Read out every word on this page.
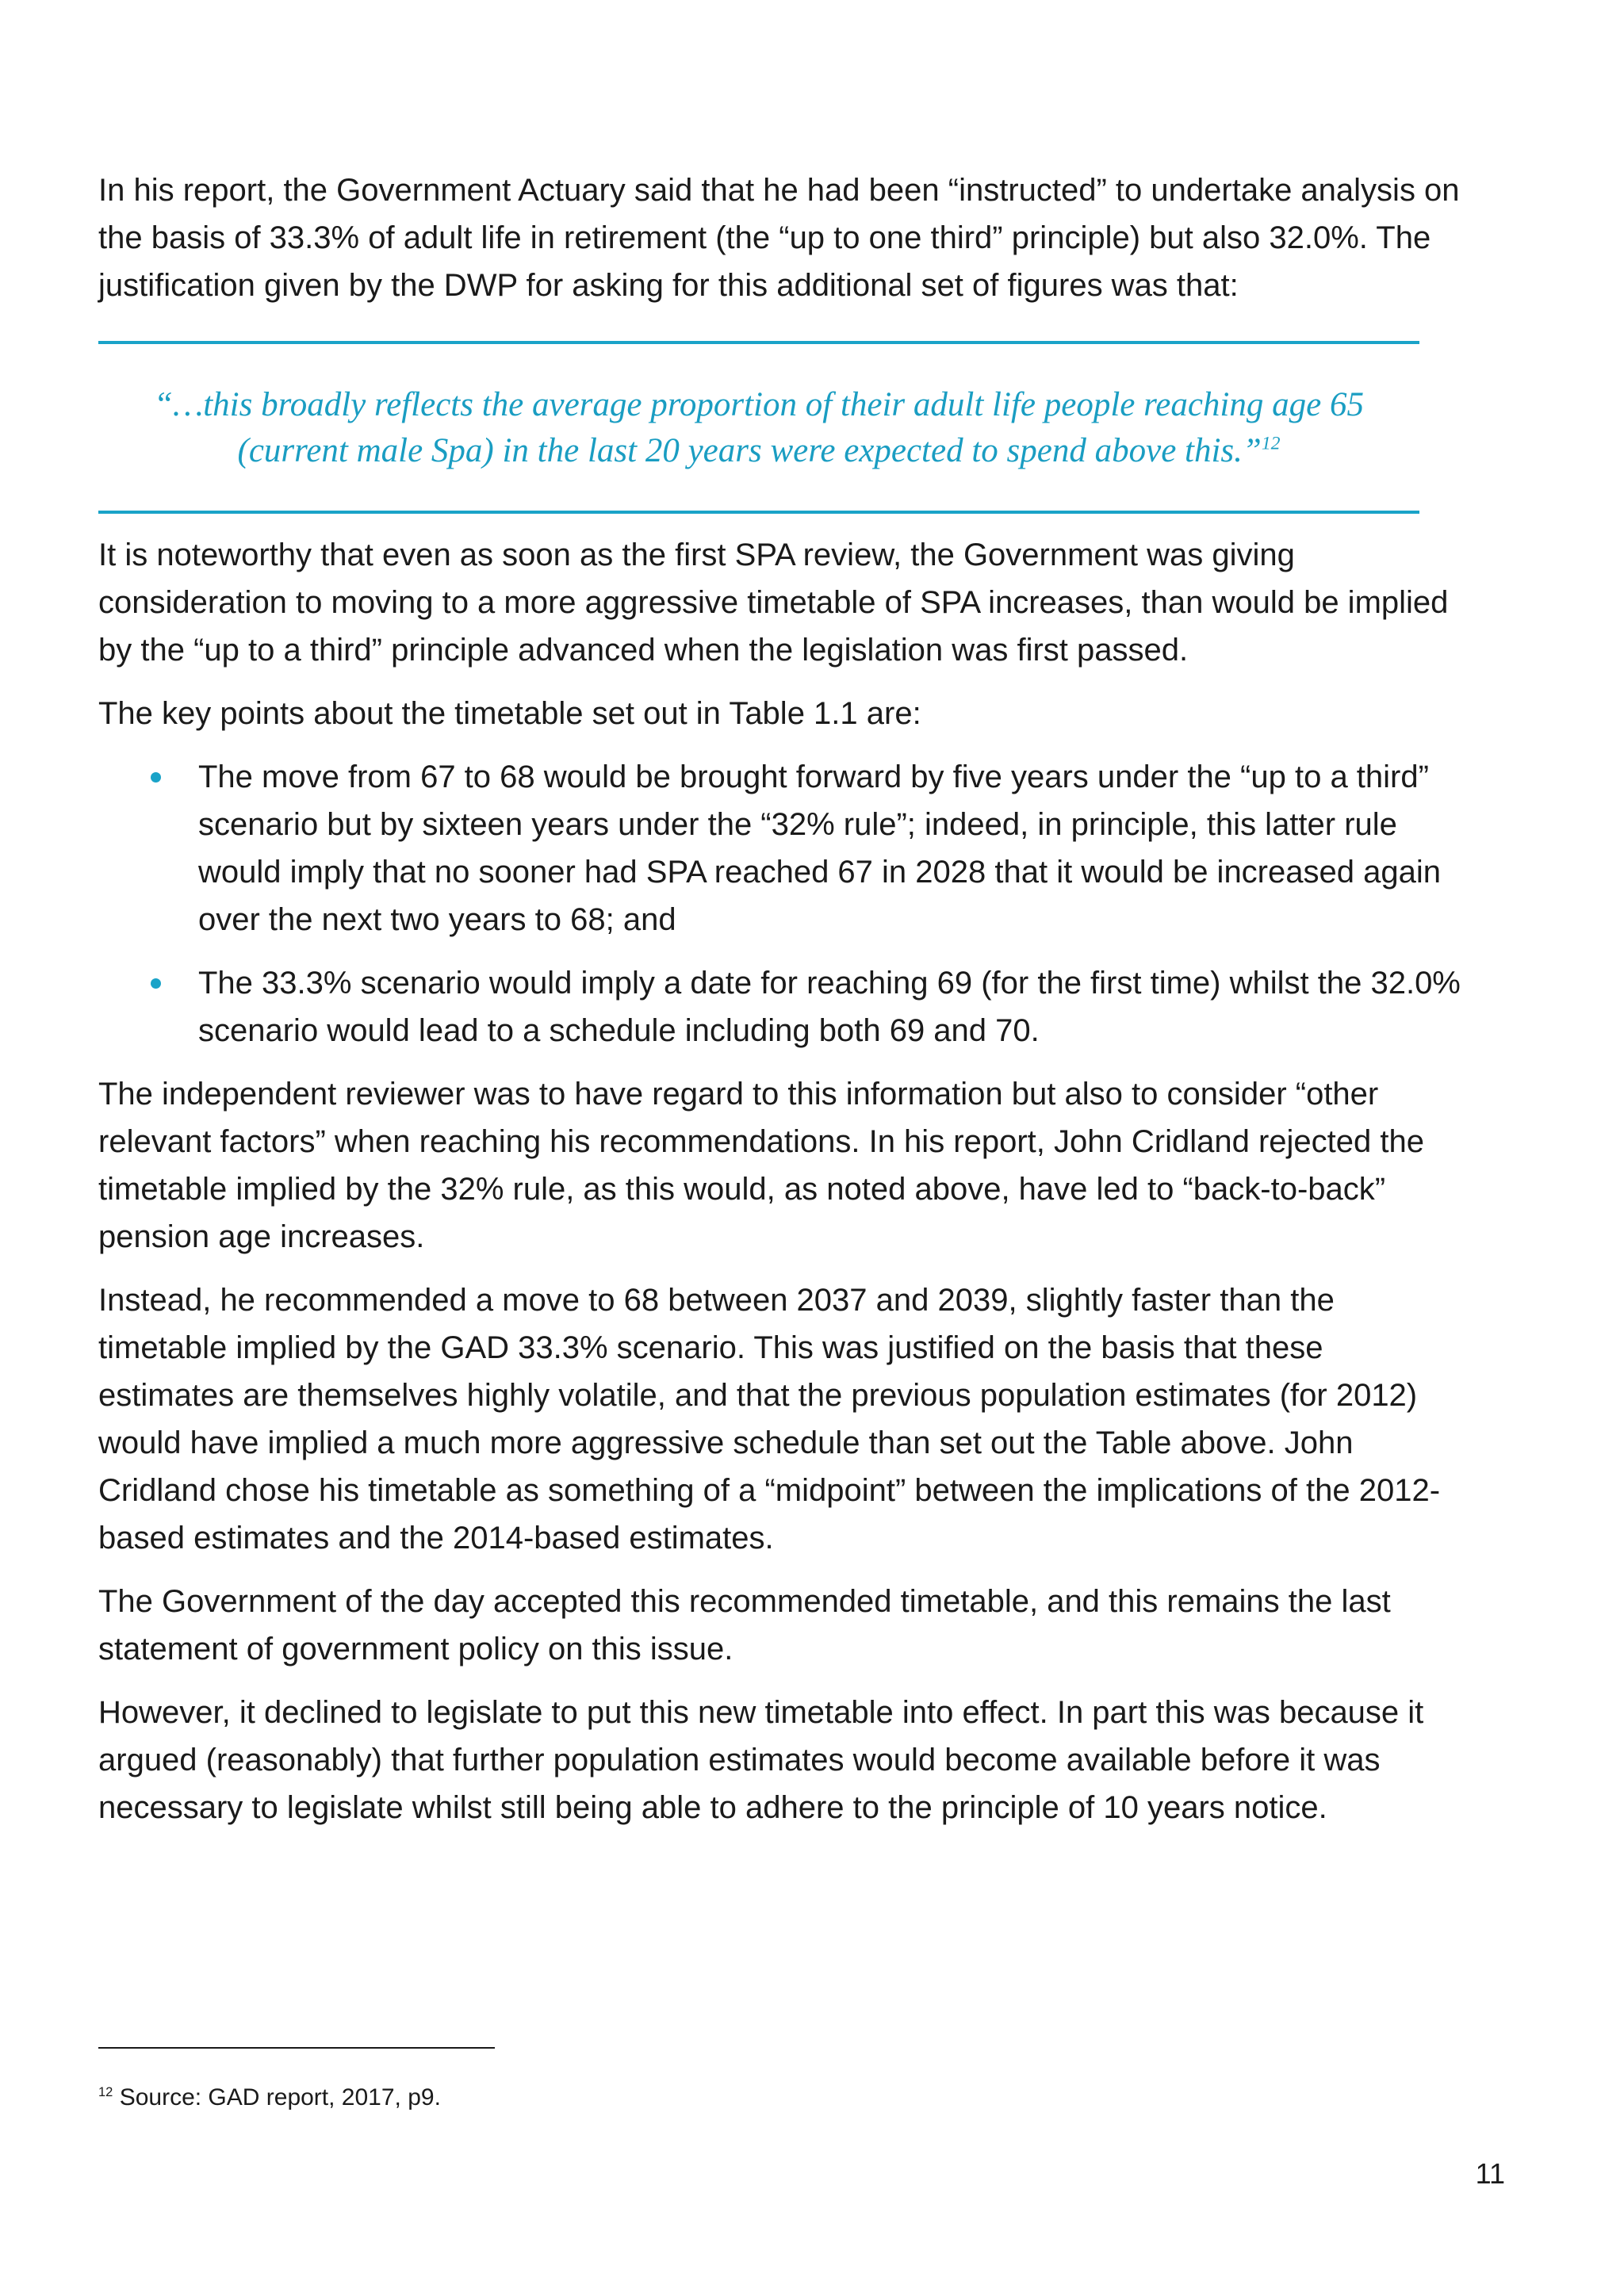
In his report, the Government Actuary said that he had been “instructed” to undertake analysis on the basis of 33.3% of adult life in retirement (the “up to one third” principle) but also 32.0%. The justification given by the DWP for asking for this additional set of figures was that:

“…this broadly reflects the average proportion of their adult life people reaching age 65 (current male Spa) in the last 20 years were expected to spend above this.”$^{12}$

It is noteworthy that even as soon as the first SPA review, the Government was giving consideration to moving to a more aggressive timetable of SPA increases, than would be implied by the “up to a third” principle advanced when the legislation was first passed.

The key points about the timetable set out in Table 1.1 are:

The move from 67 to 68 would be brought forward by five years under the “up to a third” scenario but by sixteen years under the “32% rule”; indeed, in principle, this latter rule would imply that no sooner had SPA reached 67 in 2028 that it would be increased again over the next two years to 68; and
The 33.3% scenario would imply a date for reaching 69 (for the first time) whilst the 32.0% scenario would lead to a schedule including both 69 and 70.

The independent reviewer was to have regard to this information but also to consider “other relevant factors” when reaching his recommendations. In his report, John Cridland rejected the timetable implied by the 32% rule, as this would, as noted above, have led to “back-to-back” pension age increases.

Instead, he recommended a move to 68 between 2037 and 2039, slightly faster than the timetable implied by the GAD 33.3% scenario. This was justified on the basis that these estimates are themselves highly volatile, and that the previous population estimates (for 2012) would have implied a much more aggressive schedule than set out the Table above. John Cridland chose his timetable as something of a “midpoint” between the implications of the 2012-based estimates and the 2014-based estimates.

The Government of the day accepted this recommended timetable, and this remains the last statement of government policy on this issue.

However, it declined to legislate to put this new timetable into effect. In part this was because it argued (reasonably) that further population estimates would become available before it was necessary to legislate whilst still being able to adhere to the principle of 10 years notice.

$^{12}$ Source: GAD report, 2017, p9.
11
